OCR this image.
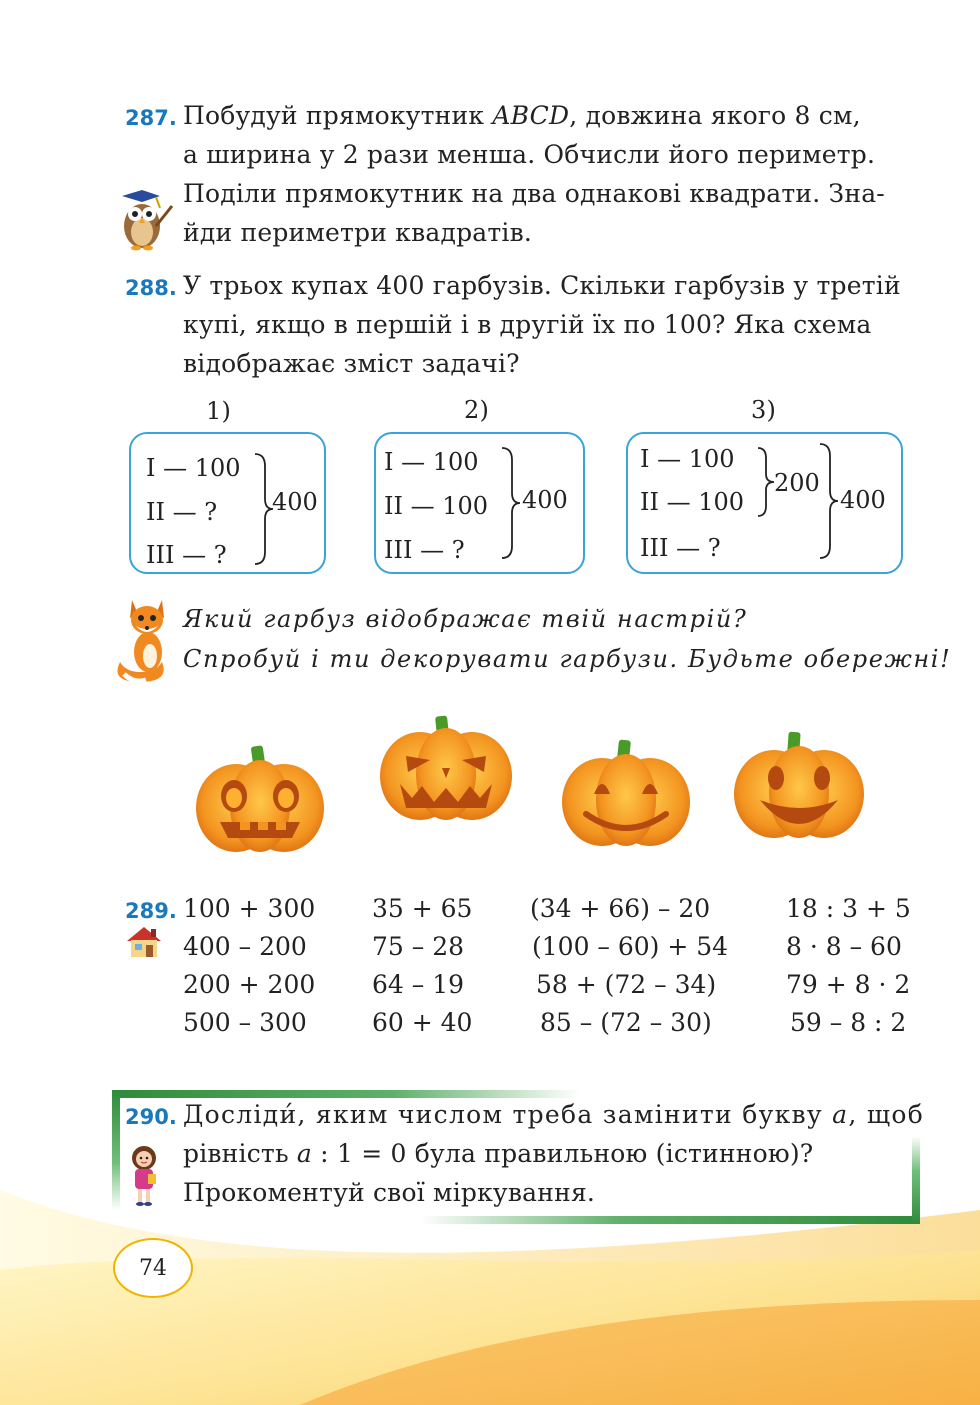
287. Побудуй прямокутник ABCD, довжина якого 8 см,
а ширина у 2 рази менша. Обчисли його периметр.
Поділи прямокутник на два однакові квадрати. Зна-
йди периметри квадратів.
288. У трьох купах 400 гарбузів. Скільки гарбузів у третій
купі, якщо в першій і в другій їх по 100? Яка схема
відображає зміст задачі?
1)	2)	3)
I — 100
II — ?
III — ?
400
I — 100
II — 100
III — ?
400
I — 100
II — 100
III — ?
200
400
Який гарбуз відображає твій настрій?
Спробуй і ти декорувати гарбузи. Будьте обережні!
289. 100 + 300
400 – 200
200 + 200
500 – 300
35 + 65
75 – 28
64 – 19
60 + 40
(34 + 66) – 20
(100 – 60) + 54
58 + (72 – 34)
85 – (72 – 30)
18 : 3 + 5
8 · 8 – 60
79 + 8 · 2
59 – 8 : 2
290. Досліди́, яким числом треба замінити букву a, щоб
рівність a : 1 = 0 була правильною (істинною)?
Прокоментуй свої міркування.
74
